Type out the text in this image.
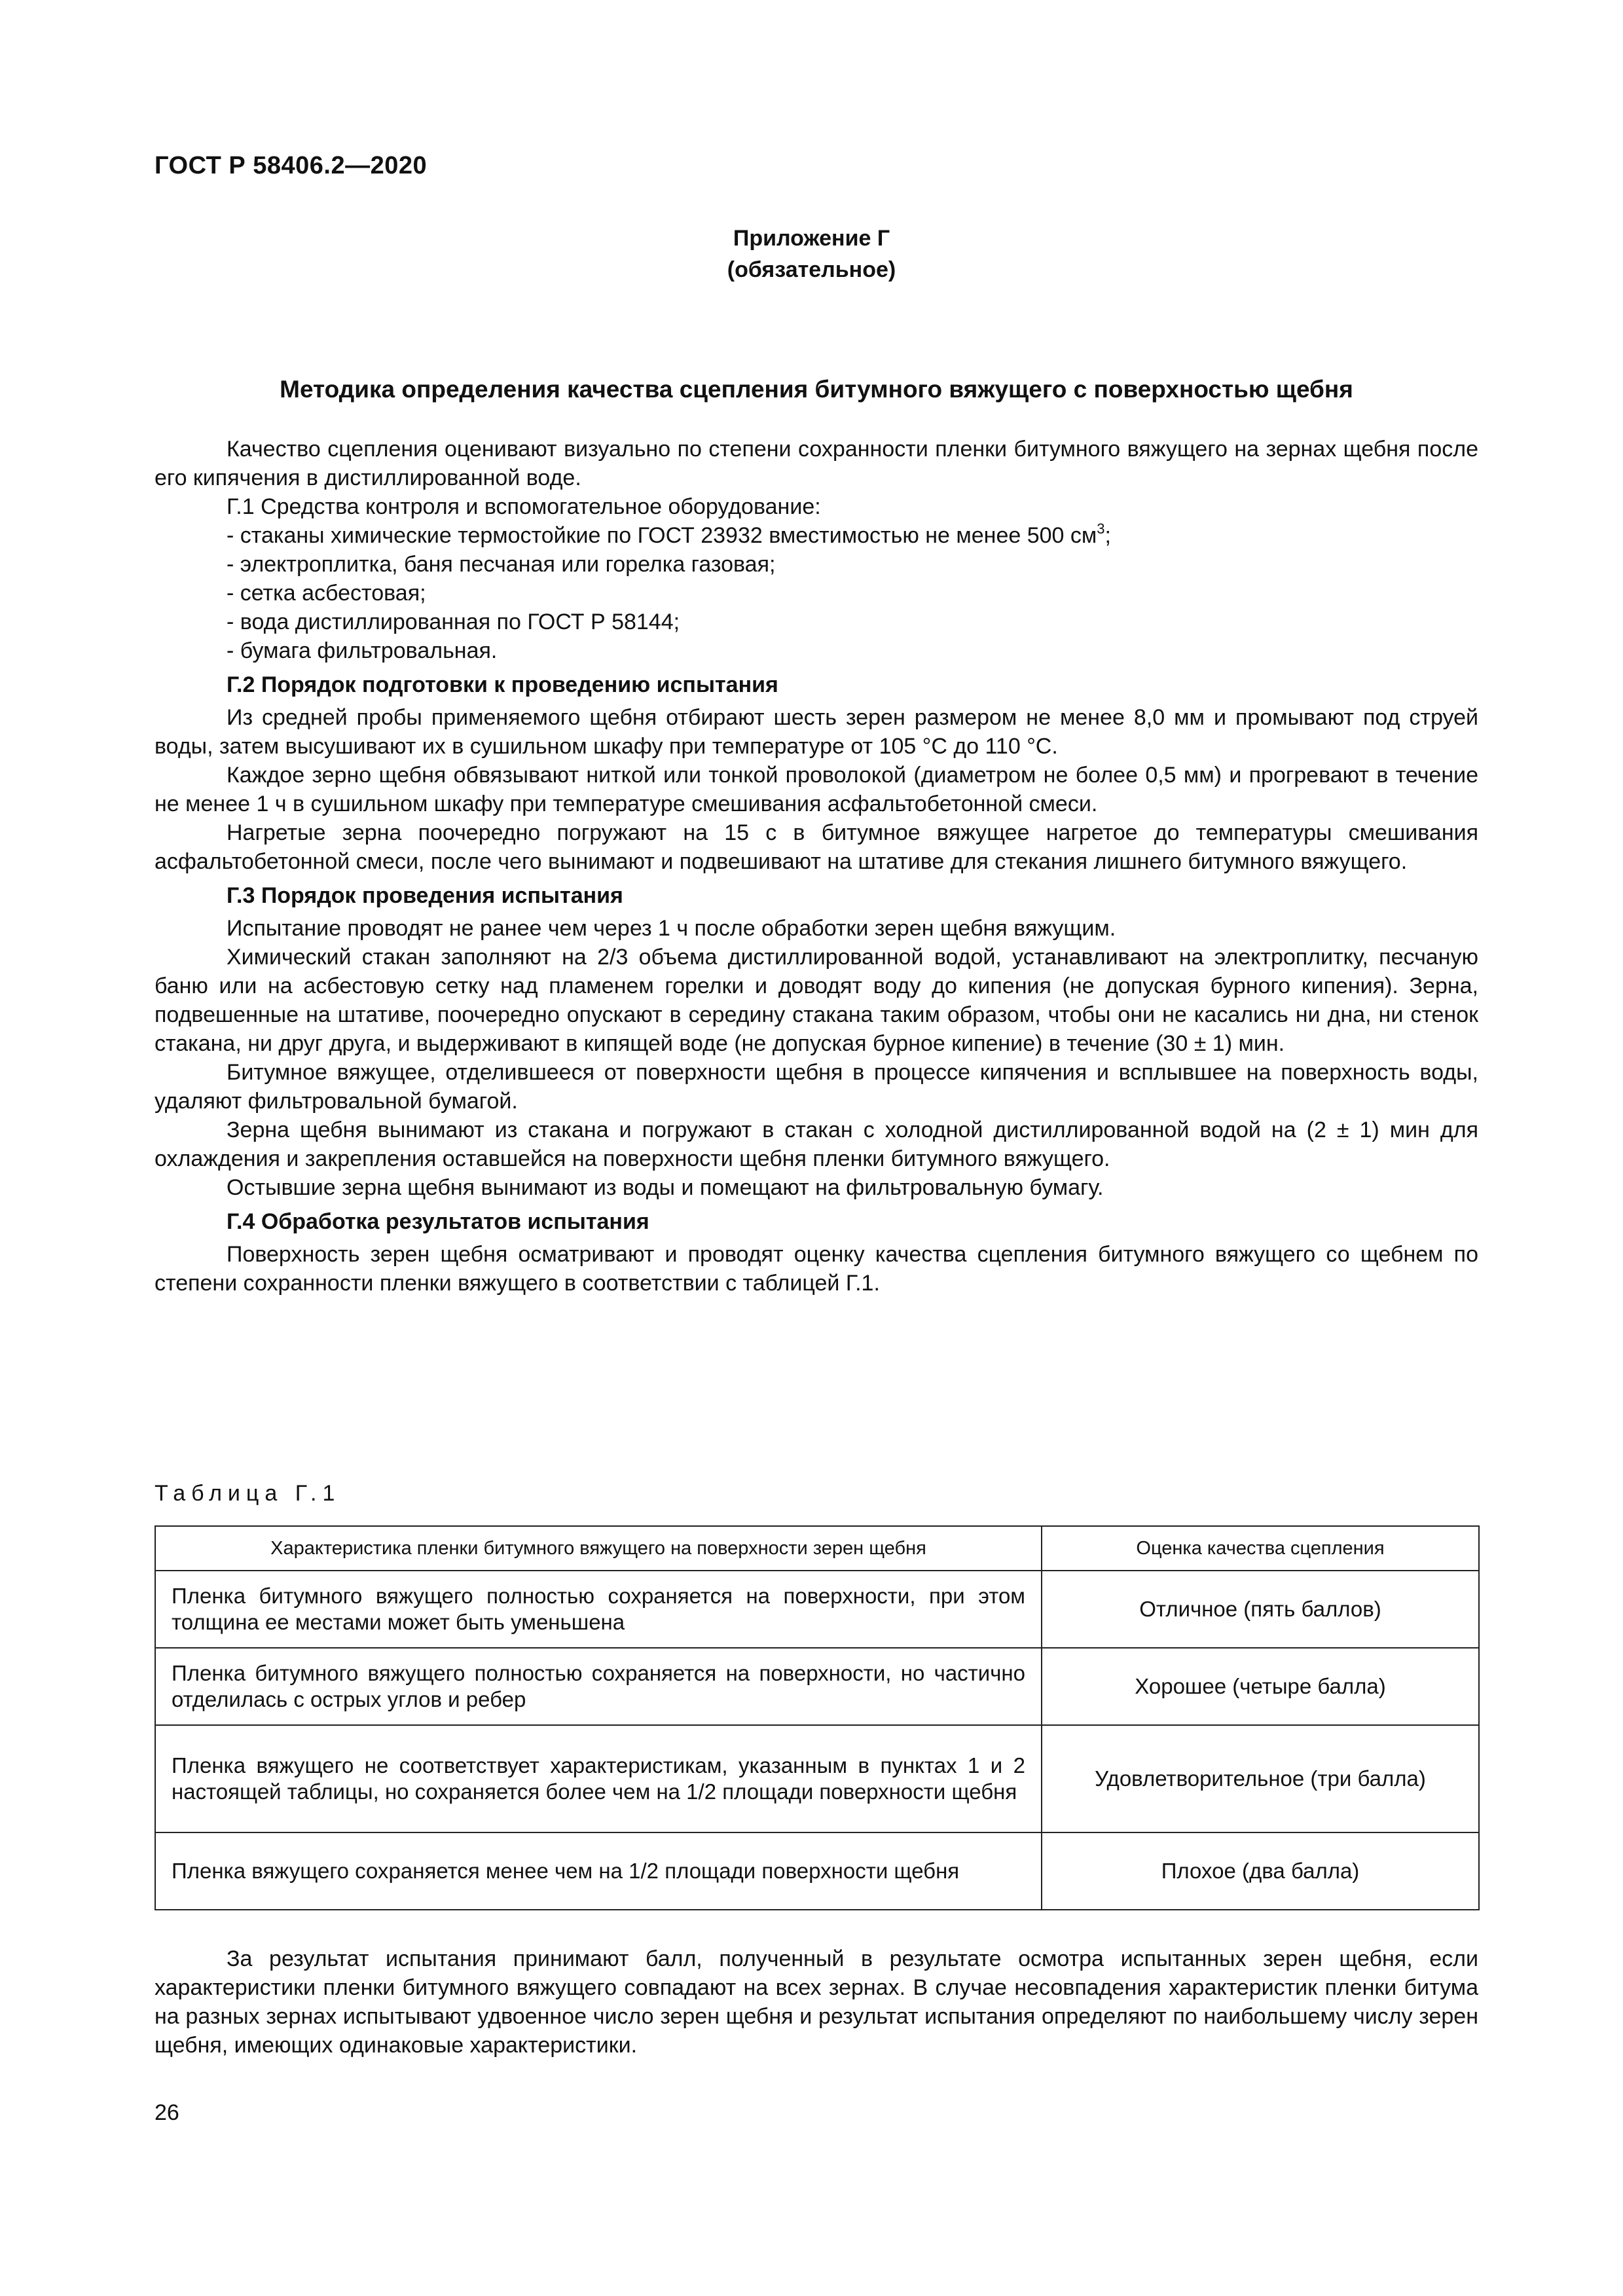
ГОСТ Р 58406.2—2020
Приложение Г
(обязательное)
Методика определения качества сцепления битумного вяжущего с поверхностью щебня

Качество сцепления оценивают визуально по степени сохранности пленки битумного вяжущего на зернах щебня после его кипячения в дистиллированной воде.

Г.1 Средства контроля и вспомогательное оборудование:

- стаканы химические термостойкие по ГОСТ 23932 вместимостью не менее 500 $см^3$;

- электроплитка, баня песчаная или горелка газовая;

- сетка асбестовая;

- вода дистиллированная по ГОСТ Р 58144;

- бумага фильтровальная.

Г.2 Порядок подготовки к проведению испытания

Из средней пробы применяемого щебня отбирают шесть зерен размером не менее 8,0 мм и промывают под струей воды, затем высушивают их в сушильном шкафу при температуре от 105 °С до 110 °С.

Каждое зерно щебня обвязывают ниткой или тонкой проволокой (диаметром не более 0,5 мм) и прогревают в течение не менее 1 ч в сушильном шкафу при температуре смешивания асфальтобетонной смеси.

Нагретые зерна поочередно погружают на 15 с в битумное вяжущее нагретое до температуры смешивания асфальтобетонной смеси, после чего вынимают и подвешивают на штативе для стекания лишнего битумного вяжущего.

Г.3 Порядок проведения испытания

Испытание проводят не ранее чем через 1 ч после обработки зерен щебня вяжущим.

Химический стакан заполняют на 2/3 объема дистиллированной водой, устанавливают на электроплитку, песчаную баню или на асбестовую сетку над пламенем горелки и доводят воду до кипения (не допуская бурного кипения). Зерна, подвешенные на штативе, поочередно опускают в середину стакана таким образом, чтобы они не касались ни дна, ни стенок стакана, ни друг друга, и выдерживают в кипящей воде (не допуская бурное кипение) в течение (30 ± 1) мин.

Битумное вяжущее, отделившееся от поверхности щебня в процессе кипячения и всплывшее на поверхность воды, удаляют фильтровальной бумагой.

Зерна щебня вынимают из стакана и погружают в стакан с холодной дистиллированной водой на (2 ± 1) мин для охлаждения и закрепления оставшейся на поверхности щебня пленки битумного вяжущего.

Остывшие зерна щебня вынимают из воды и помещают на фильтровальную бумагу.

Г.4 Обработка результатов испытания

Поверхность зерен щебня осматривают и проводят оценку качества сцепления битумного вяжущего со щебнем по степени сохранности пленки вяжущего в соответствии с таблицей Г.1.

Таблица Г.1
Характеристика пленки битумного вяжущего на поверхности зерен щебня	Оценка качества сцепления
Пленка битумного вяжущего полностью сохраняется на поверхности, при этом толщина ее местами может быть уменьшена	Отличное (пять баллов)
Пленка битумного вяжущего полностью сохраняется на поверхности, но частично отделилась с острых углов и ребер	Хорошее (четыре балла)
Пленка вяжущего не соответствует характеристикам, указанным в пунктах 1 и 2 настоящей таблицы, но сохраняется более чем на 1/2 площади поверхности щебня	Удовлетворительное (три балла)
Пленка вяжущего сохраняется менее чем на 1/2 площади поверхности щебня	Плохое (два балла)

За результат испытания принимают балл, полученный в результате осмотра испытанных зерен щебня, если характеристики пленки битумного вяжущего совпадают на всех зернах. В случае несовпадения характеристик пленки битума на разных зернах испытывают удвоенное число зерен щебня и результат испытания определяют по наибольшему числу зерен щебня, имеющих одинаковые характеристики.

26
